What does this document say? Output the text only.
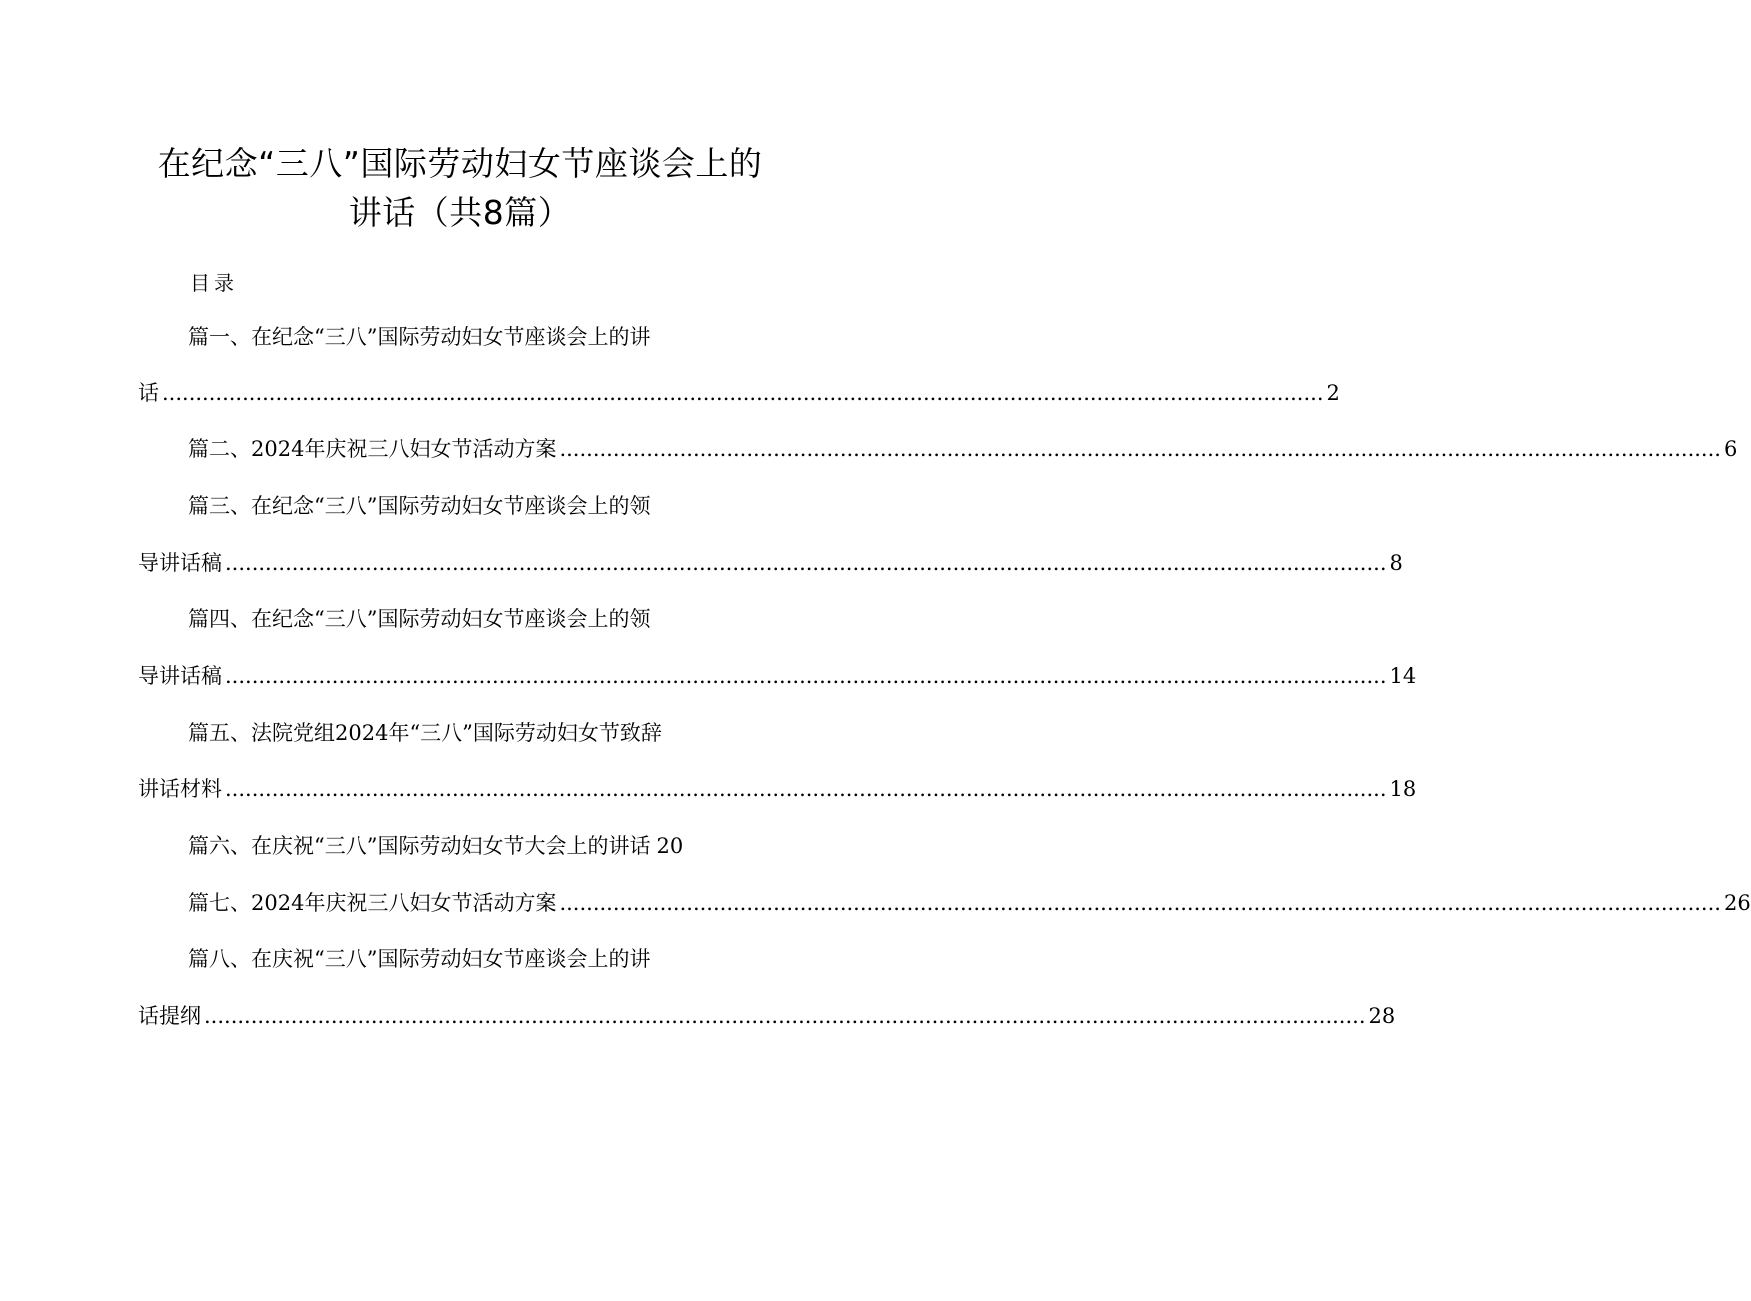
在纪念“三八”国际劳动妇女节座谈会上的
讲话（共8篇）
目录
篇一、在纪念“三八”国际劳动妇女节座谈会上的讲
话 .............................................................................................................................................................................. 2
篇二、2024年庆祝三八妇女节活动方案 .............................................................................................................................................................................. 6
篇三、在纪念“三八”国际劳动妇女节座谈会上的领
导讲话稿 .............................................................................................................................................................................. 8
篇四、在纪念“三八”国际劳动妇女节座谈会上的领
导讲话稿 .............................................................................................................................................................................. 14
篇五、法院党组2024年“三八”国际劳动妇女节致辞
讲话材料 .............................................................................................................................................................................. 18
篇六、在庆祝“三八”国际劳动妇女节大会上的讲话 20
篇七、2024年庆祝三八妇女节活动方案 .............................................................................................................................................................................. 26
篇八、在庆祝“三八”国际劳动妇女节座谈会上的讲
话提纲 .............................................................................................................................................................................. 28
